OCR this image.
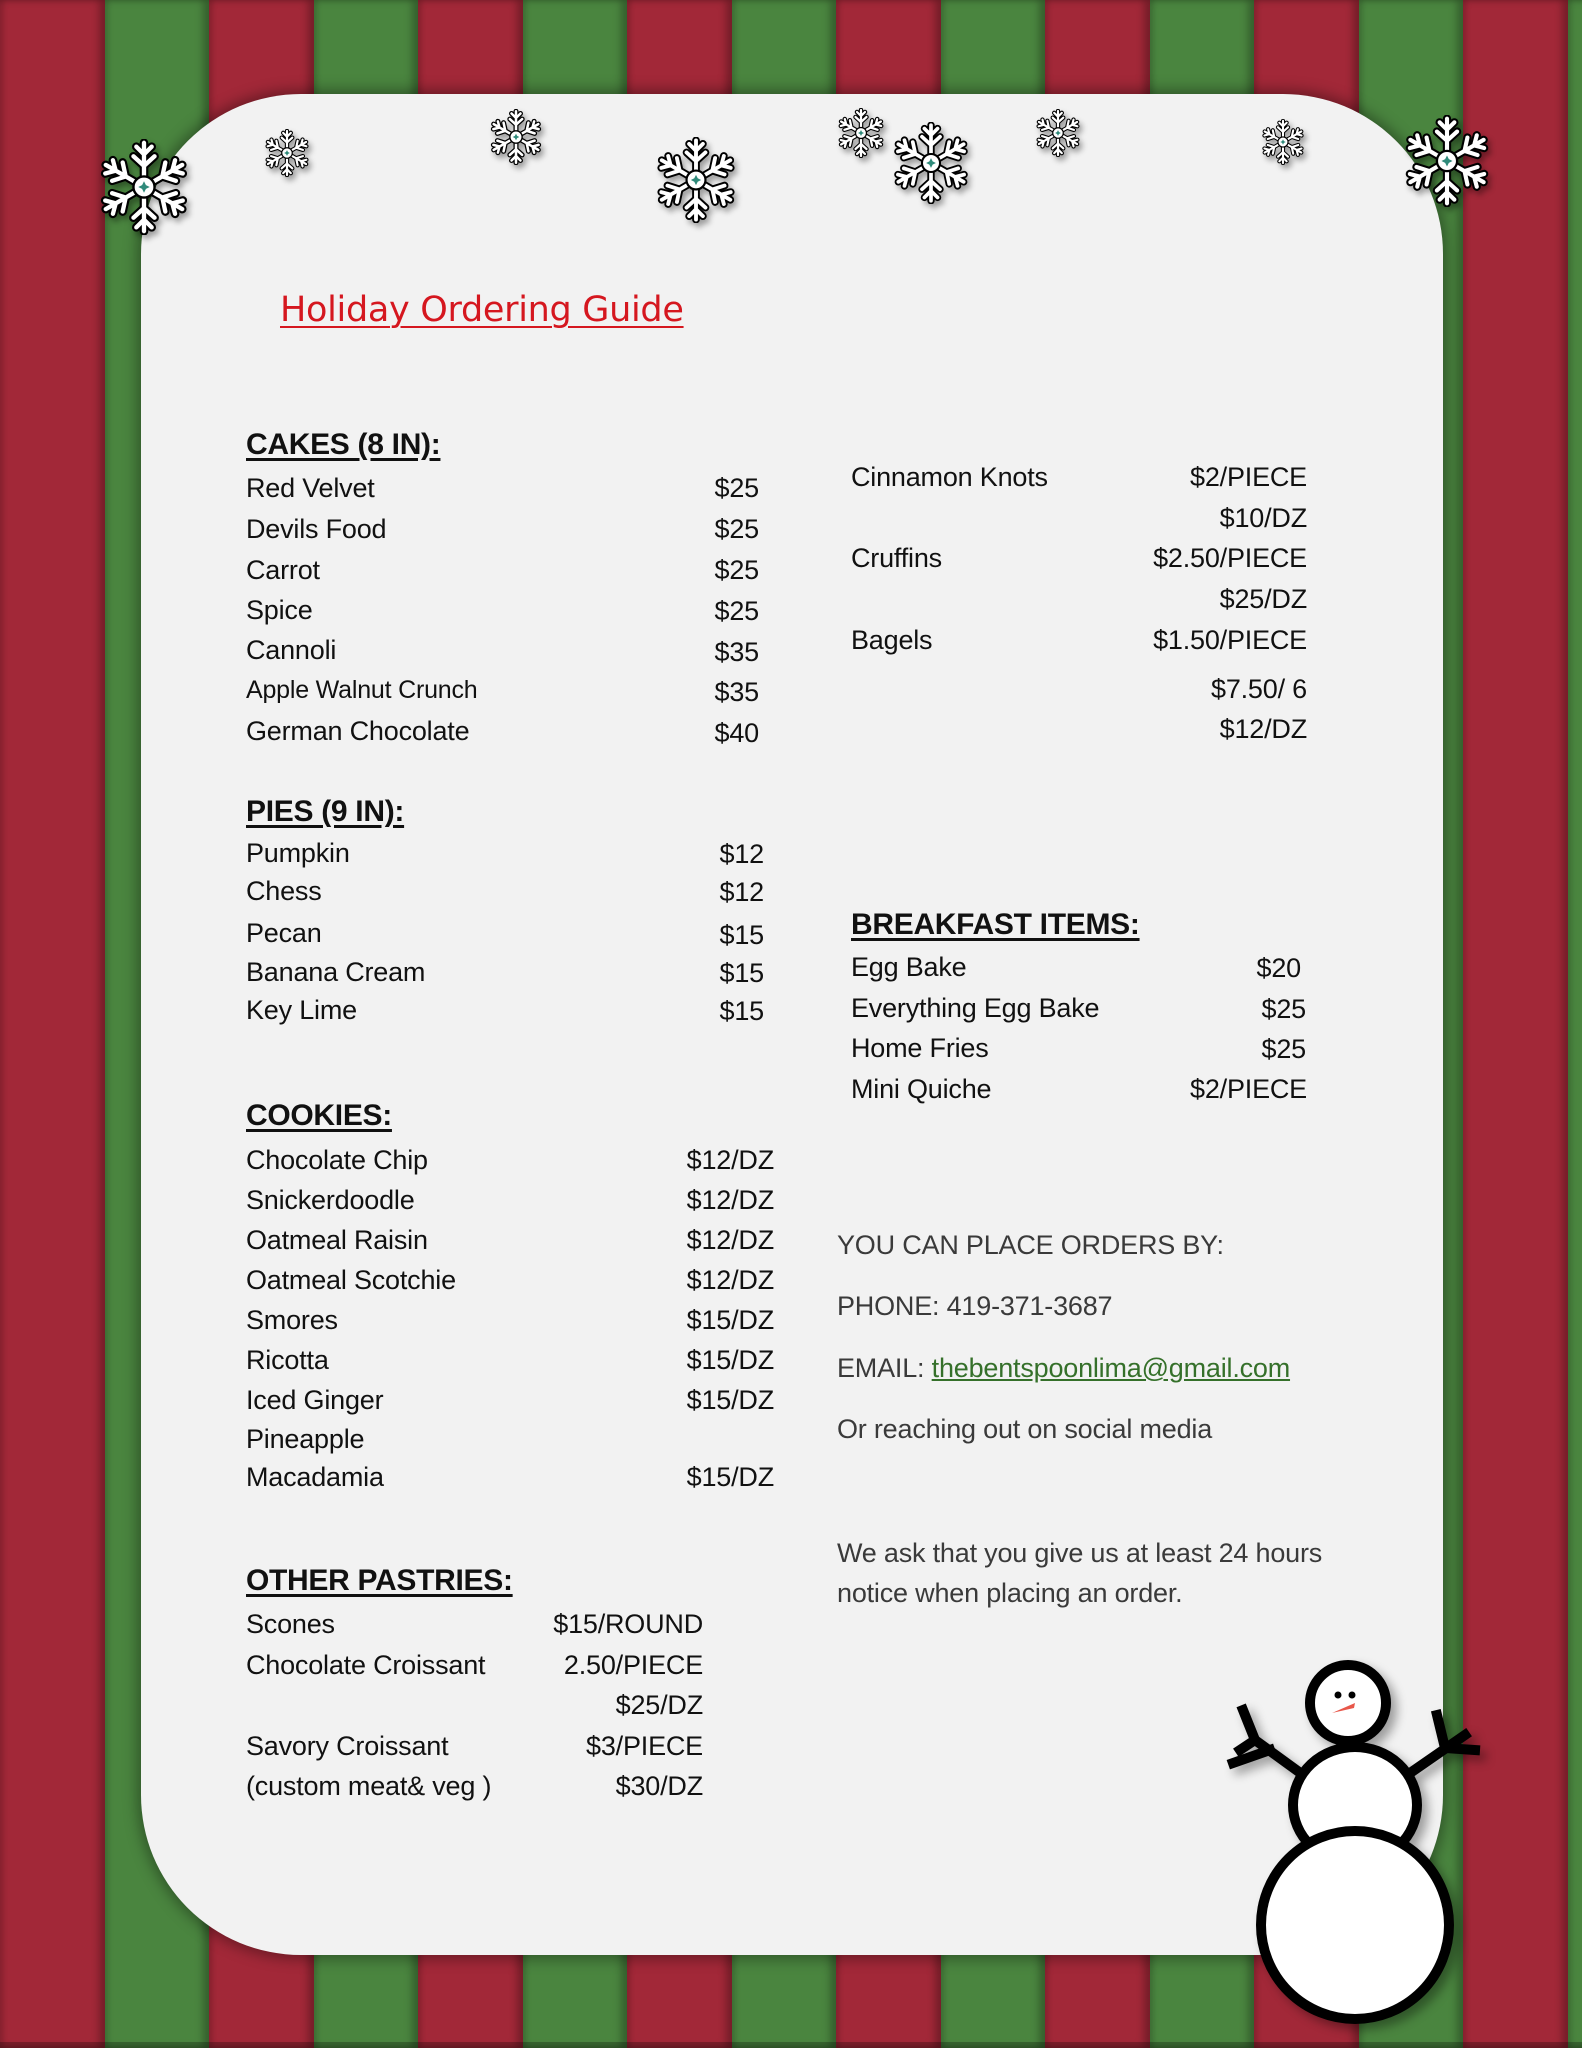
Holiday Ordering Guide
CAKES (8 IN):
Red Velvet	$25
Devils Food	$25
Carrot	$25
Spice	$25
Cannoli	$35
Apple Walnut Crunch	$35
German Chocolate	$40
PIES (9 IN):
Pumpkin	$12
Chess	$12
Pecan	$15
Banana Cream	$15
Key Lime	$15
COOKIES:
Chocolate Chip	$12/DZ
Snickerdoodle	$12/DZ
Oatmeal Raisin	$12/DZ
Oatmeal Scotchie	$12/DZ
Smores	$15/DZ
Ricotta	$15/DZ
Iced Ginger	$15/DZ
Pineapple
Macadamia	$15/DZ
OTHER PASTRIES:
Scones	$15/ROUND
Chocolate Croissant	2.50/PIECE
$25/DZ
Savory Croissant	$3/PIECE
(custom meat& veg )	$30/DZ
Cinnamon Knots	$2/PIECE
$10/DZ
Cruffins	$2.50/PIECE
$25/DZ
Bagels	$1.50/PIECE
$7.50/ 6
$12/DZ
BREAKFAST ITEMS:
Egg Bake	$20
Everything Egg Bake	$25
Home Fries	$25
Mini Quiche	$2/PIECE
YOU CAN PLACE ORDERS BY:
PHONE: 419-371-3687
EMAIL: thebentspoonlima@gmail.com
Or reaching out on social media
We ask that you give us at least 24 hours
notice when placing an order.
